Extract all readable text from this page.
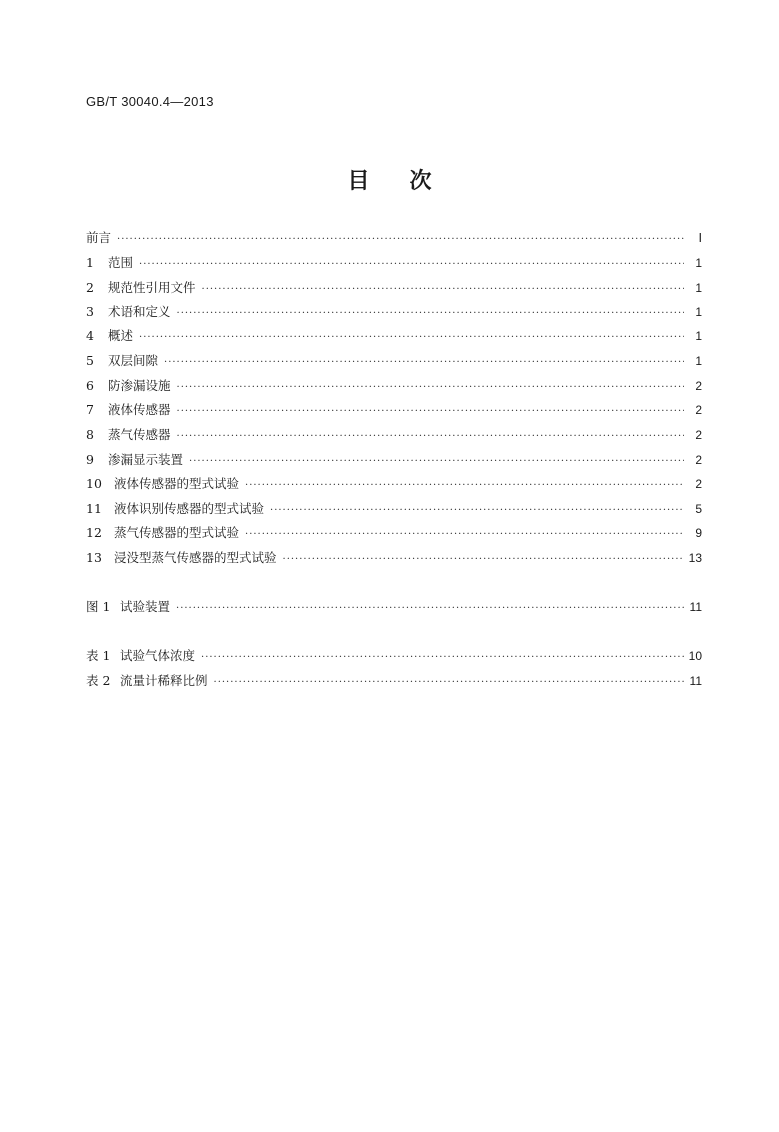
GB/T 30040.4—2013
目 次
前言 ·····	Ⅰ
1	范围 ·····	1
2	规范性引用文件 ·····	1
3	术语和定义 ·····	1
4	概述 ·····	1
5	双层间隙 ·····	1
6	防渗漏设施 ·····	2
7	液体传感器 ·····	2
8	蒸气传感器 ·····	2
9	渗漏显示装置 ·····	2
10 液体传感器的型式试验 ·····	2
11 液体识别传感器的型式试验 ·····	5
12 蒸气传感器的型式试验 ·····	9
13 浸没型蒸气传感器的型式试验 ·····	13
图 1 试验装置 ·····	11
表 1 试验气体浓度 ·····	10
表 2 流量计稀释比例 ·····	11
